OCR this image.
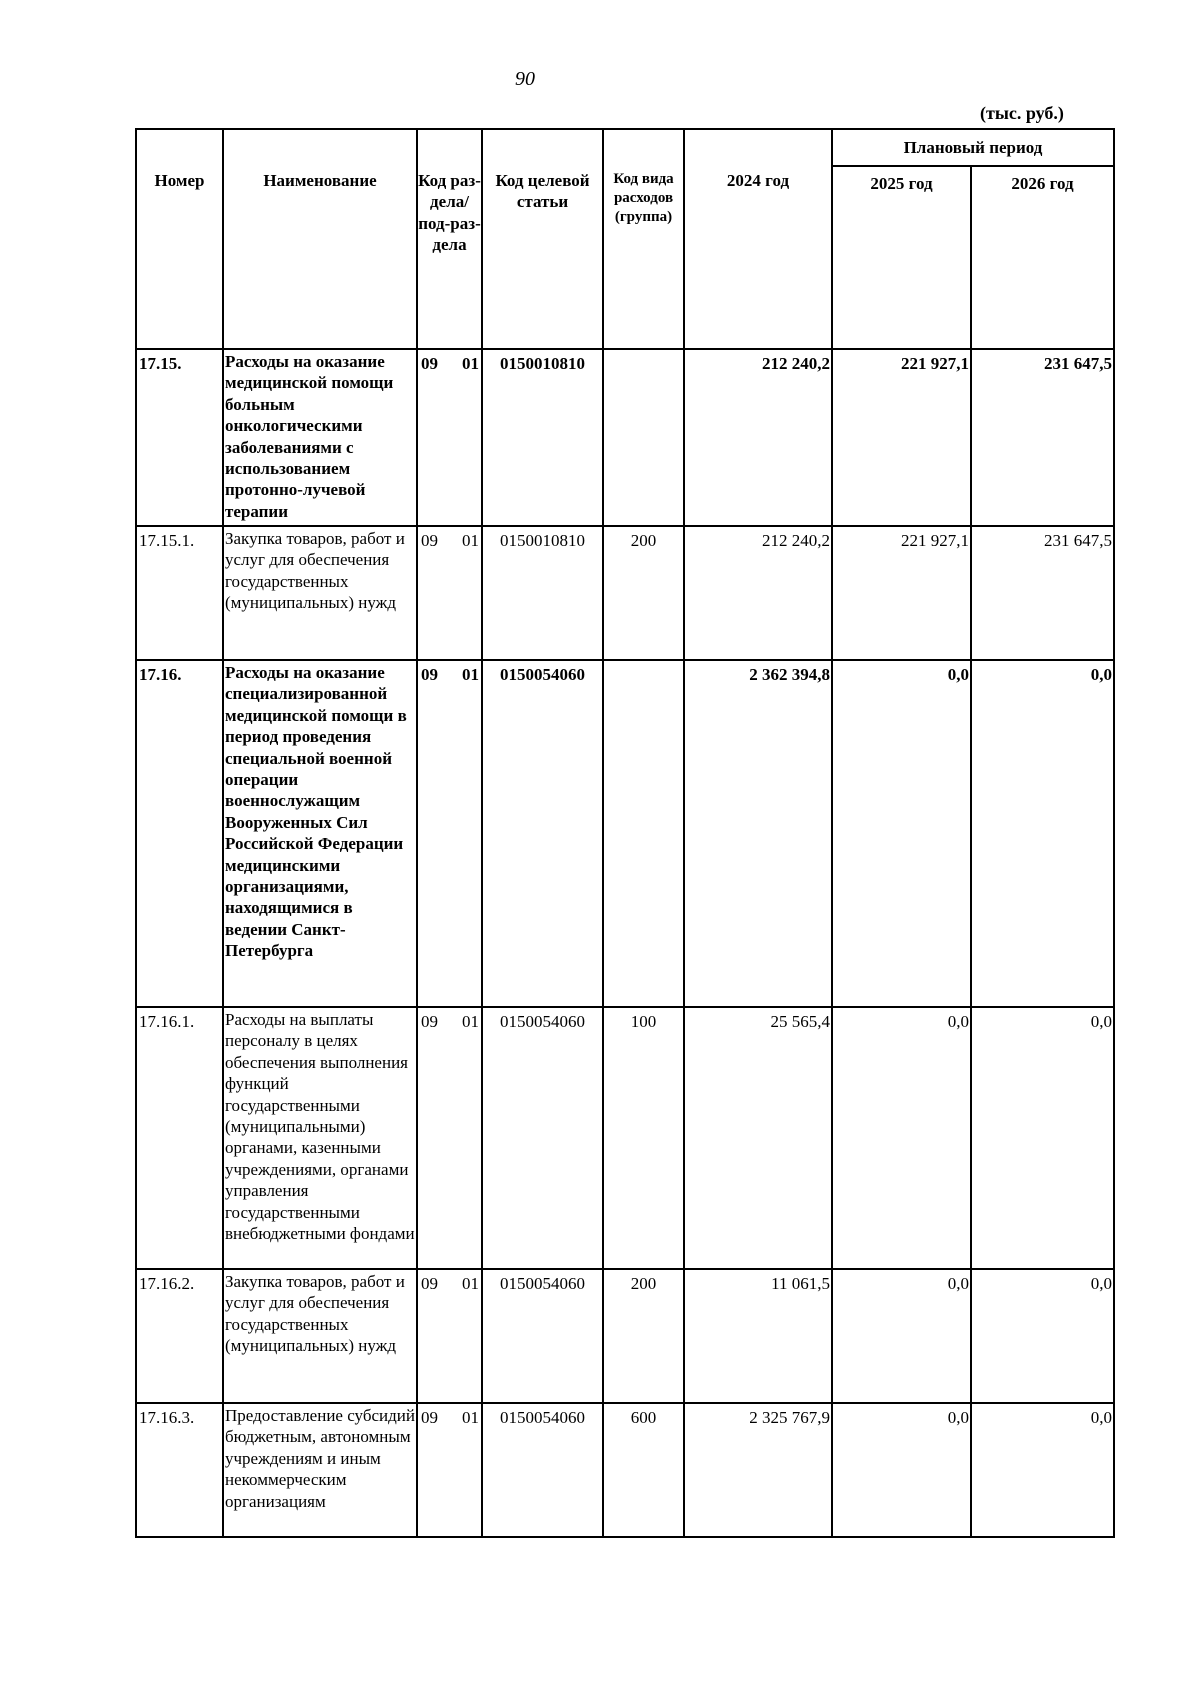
90
(тыс. руб.)
Номер	Наименование	Код раз-дела/ под-раз-дела	Код целевой статьи	Код вида расходов (группа)	2024 год	Плановый период	
						2025 год	2026 год
17.15.	Расходы на оказание медицинской помощи больным онкологическими заболеваниями с использованием протонно-лучевой терапии	09 01	0150010810		212 240,2	221 927,1	231 647,5
17.15.1.	Закупка товаров, работ и услуг для обеспечения государственных (муниципальных) нужд	09 01	0150010810	200	212 240,2	221 927,1	231 647,5
17.16.	Расходы на оказание специализированной медицинской помощи в период проведения специальной военной операции военнослужащим Вооруженных Сил Российской Федерации медицинскими организациями, находящимися в ведении Санкт-Петербурга	09 01	0150054060		2 362 394,8	0,0	0,0
17.16.1.	Расходы на выплаты персоналу в целях обеспечения выполнения функций государственными (муниципальными) органами, казенными учреждениями, органами управления государственными внебюджетными фондами	09 01	0150054060	100	25 565,4	0,0	0,0
17.16.2.	Закупка товаров, работ и услуг для обеспечения государственных (муниципальных) нужд	09 01	0150054060	200	11 061,5	0,0	0,0
17.16.3.	Предоставление субсидий бюджетным, автономным учреждениям и иным некоммерческим организациям	09 01	0150054060	600	2 325 767,9	0,0	0,0
